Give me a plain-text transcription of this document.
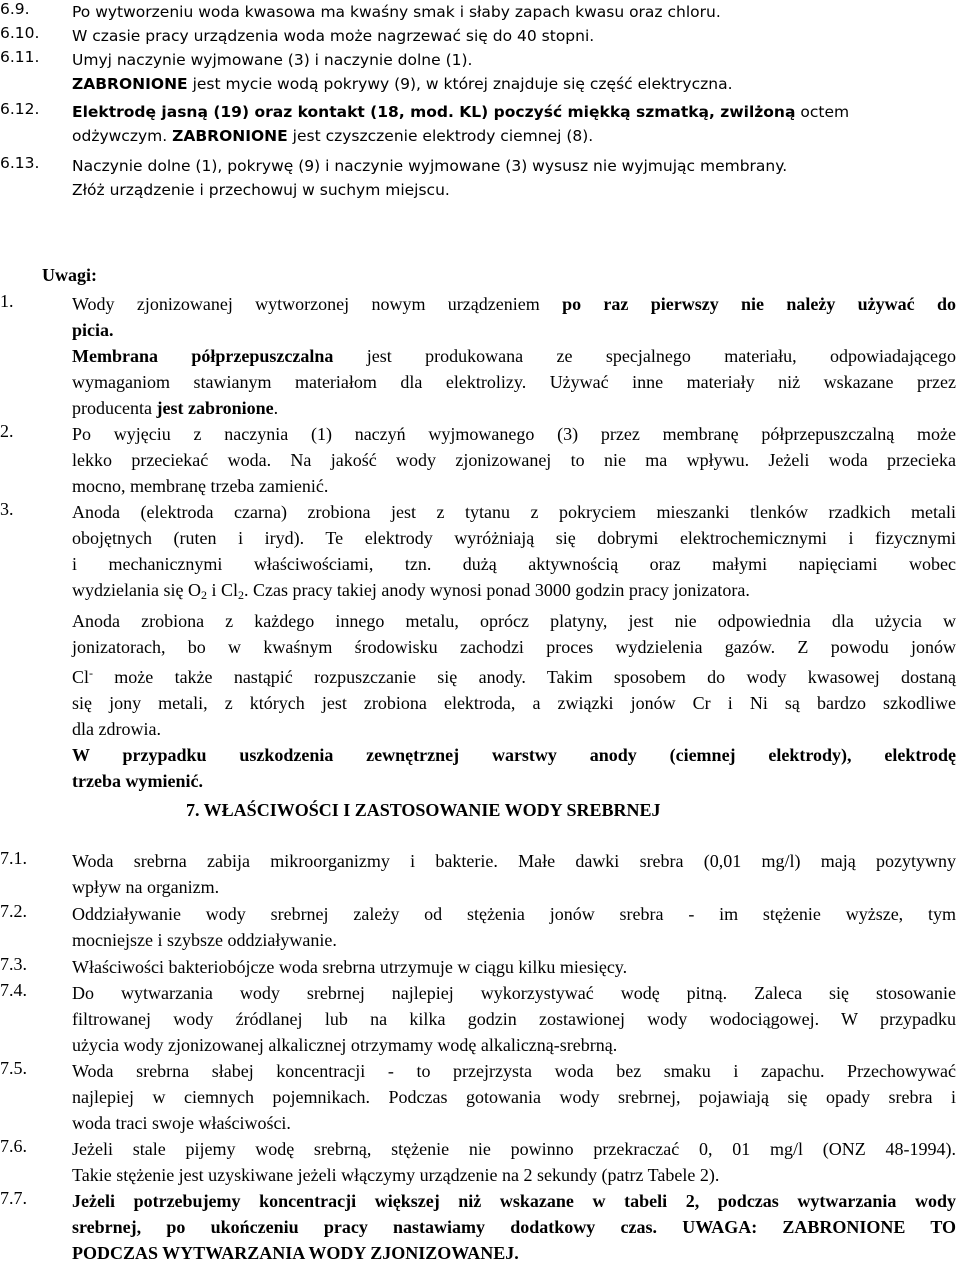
6.9.	Po wytworzeniu woda kwasowa ma kwaśny smak i słaby zapach kwasu oraz chloru.
6.10. W czasie pracy urządzenia woda może nagrzewać się do 40 stopni.
6.11. Umyj naczynie wyjmowane (3) i naczynie dolne (1).
ZABRONIONE jest mycie wodą pokrywy (9), w której znajduje się część elektryczna.
6.12. Elektrodę jasną (19) oraz kontakt (18, mod. KL) poczyść miękką szmatką, zwilżoną octem
odżywczym. ZABRONIONE jest czyszczenie elektrody ciemnej (8).
6.13. Naczynie dolne (1), pokrywę (9) i naczynie wyjmowane (3) wysusz nie wyjmując membrany.
Złóż urządzenie i przechowuj w suchym miejscu.
Uwagi:
1.	Wody zjonizowanej wytworzonej nowym urządzeniem po raz pierwszy nie należy używać do
picia.
Membrana półprzepuszczalna jest produkowana ze specjalnego materiału, odpowiadającego
wymaganiom stawianym materiałom dla elektrolizy. Używać inne materiały niż wskazane przez
producenta jest zabronione.
2.	Po wyjęciu z naczynia (1) naczyń wyjmowanego (3) przez membranę półprzepuszczalną może
lekko przeciekać woda. Na jakość wody zjonizowanej to nie ma wpływu. Jeżeli woda przecieka
mocno, membranę trzeba zamienić.
3.	Anoda (elektroda czarna) zrobiona jest z tytanu z pokryciem mieszanki tlenków rzadkich metali
obojętnych (ruten i iryd). Te elektrody wyróżniają się dobrymi elektrochemicznymi i fizycznymi
i mechanicznymi właściwościami, tzn. dużą aktywnością oraz małymi napięciami wobec
wydzielania się $O_2$ i $Cl_2$. Czas pracy takiej anody wynosi ponad 3000 godzin pracy jonizatora.
Anoda zrobiona z każdego innego metalu, oprócz platyny, jest nie odpowiednia dla użycia w
jonizatorach, bo w kwaśnym środowisku zachodzi proces wydzielenia gazów. Z powodu jonów
Cl- może także nastąpić rozpuszczanie się anody. Takim sposobem do wody kwasowej dostaną
się jony metali, z których jest zrobiona elektroda, a związki jonów Cr i Ni są bardzo szkodliwe
dla zdrowia.
W przypadku uszkodzenia zewnętrznej warstwy anody (ciemnej elektrody), elektrodę
trzeba wymienić.
7. WŁAŚCIWOŚCI I ZASTOSOWANIE WODY SREBRNEJ
7.1.	Woda srebrna zabija mikroorganizmy i bakterie. Małe dawki srebra (0,01 mg/l) mają pozytywny
wpływ na organizm.
7.2.	Oddziaływanie wody srebrnej zależy od stężenia jonów srebra - im stężenie wyższe, tym
mocniejsze i szybsze oddziaływanie.
7.3.	Właściwości bakteriobójcze woda srebrna utrzymuje w ciągu kilku miesięcy.
7.4.	Do wytwarzania wody srebrnej najlepiej wykorzystywać wodę pitną. Zaleca się stosowanie
filtrowanej wody źródlanej lub na kilka godzin zostawionej wody wodociągowej. W przypadku
użycia wody zjonizowanej alkalicznej otrzymamy wodę alkaliczną-srebrną.
7.5.	Woda srebrna słabej koncentracji - to przejrzysta woda bez smaku i zapachu. Przechowywać
najlepiej w ciemnych pojemnikach. Podczas gotowania wody srebrnej, pojawiają się opady srebra i
woda traci swoje właściwości.
7.6.	Jeżeli stale pijemy wodę srebrną, stężenie nie powinno przekraczać 0, 01 mg/l (ONZ 48-1994).
Takie stężenie jest uzyskiwane jeżeli włączymy urządzenie na 2 sekundy (patrz Tabele 2).
7.7.	Jeżeli potrzebujemy koncentracji większej niż wskazane w tabeli 2, podczas wytwarzania wody
srebrnej, po ukończeniu pracy nastawiamy dodatkowy czas. UWAGA: ZABRONIONE TO
PODCZAS WYTWARZANIA WODY ZJONIZOWANEJ.
